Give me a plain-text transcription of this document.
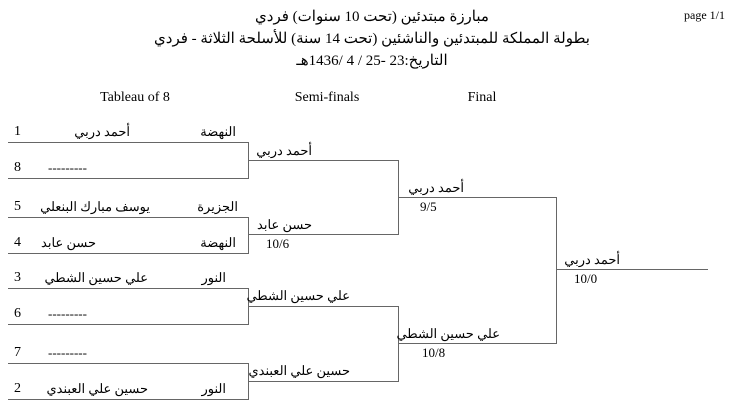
page 1/1
مبارزة مبتدئين (تحت 10 سنوات) فردي
بطولة المملكة للمبتدئين والناشئين (تحت 14 سنة) للأسلحة الثلاثة - فردي
التاريخ:23 -25 / 4 /1436هـ
Tableau of 8	Semi-finals	Final
1	أحمد دربي	النهضة
8 ---------
5 يوسف مبارك البنعلي	الجزيرة
4 حسن عابد	النهضة
3	علي حسين الشطي	النور
6 ---------
7 ---------
2	حسين علي العبندي	النور
أحمد دربي
حسن عابد
10/6
علي حسين الشطي
حسين علي العبندي
أحمد دربي
9/5
علي حسين الشطي
10/8
أحمد دربي
10/0
